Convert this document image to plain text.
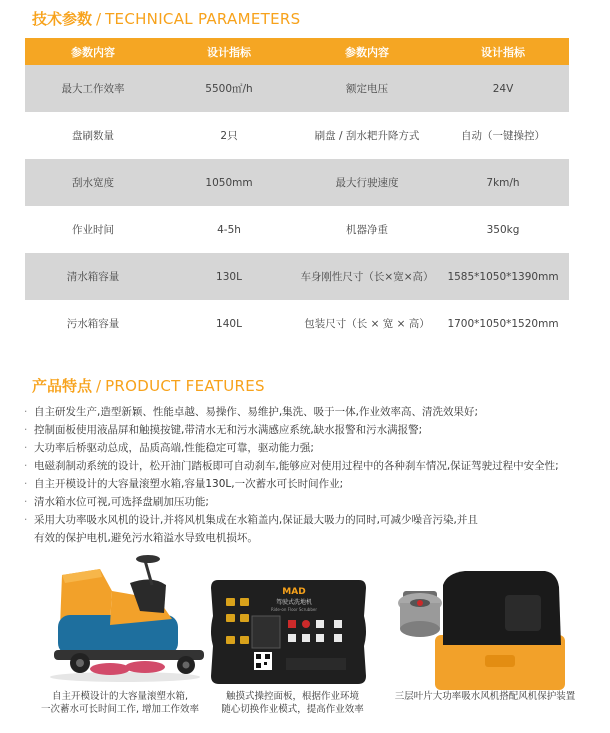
技术参数 / TECHNICAL PARAMETERS
参数内容	设计指标	参数内容	设计指标
最大工作效率	5500㎡/h	额定电压	24V
盘刷数量	2只	刷盘 / 刮水耙升降方式	自动（一键操控）
刮水宽度	1050mm	最大行驶速度	7km/h
作业时间	4-5h	机器净重	350kg
清水箱容量	130L	车身刚性尺寸（长×宽×高）	1585*1050*1390mm
污水箱容量	140L	包装尺寸（长 × 宽 × 高）	1700*1050*1520mm
产品特点 / PRODUCT FEATURES
· 自主研发生产,造型新颖、性能卓越、易操作、易维护,集洗、吸于一体,作业效率高、清洗效果好;
· 控制面板使用液晶屏和触摸按键,带清水无和污水满感应系统,缺水报警和污水满报警;
· 大功率后桥驱动总成，品质高端,性能稳定可靠，驱动能力强;
· 电磁刹制动系统的设计，松开油门踏板即可自动刹车,能够应对使用过程中的各种刹车情况,保证驾驶过程中安全性;
· 自主开模设计的大容量滚塑水箱,容量130L,一次蓄水可长时间作业;
· 清水箱水位可视,可选择盘刷加压功能;
· 采用大功率吸水风机的设计,并将风机集成在水箱盖内,保证最大吸力的同时,可减少噪音污染,并且
有效的保护电机,避免污水箱溢水导致电机损坏。
MAD
驾驶式洗地机
Ride-on Floor Scrubber
自主开模设计的大容量滚塑水箱,
一次蓄水可长时间工作, 增加工作效率
触摸式操控面板，根据作业环境
随心切换作业模式，提高作业效率
三层叶片大功率吸水风机搭配风机保护装置
